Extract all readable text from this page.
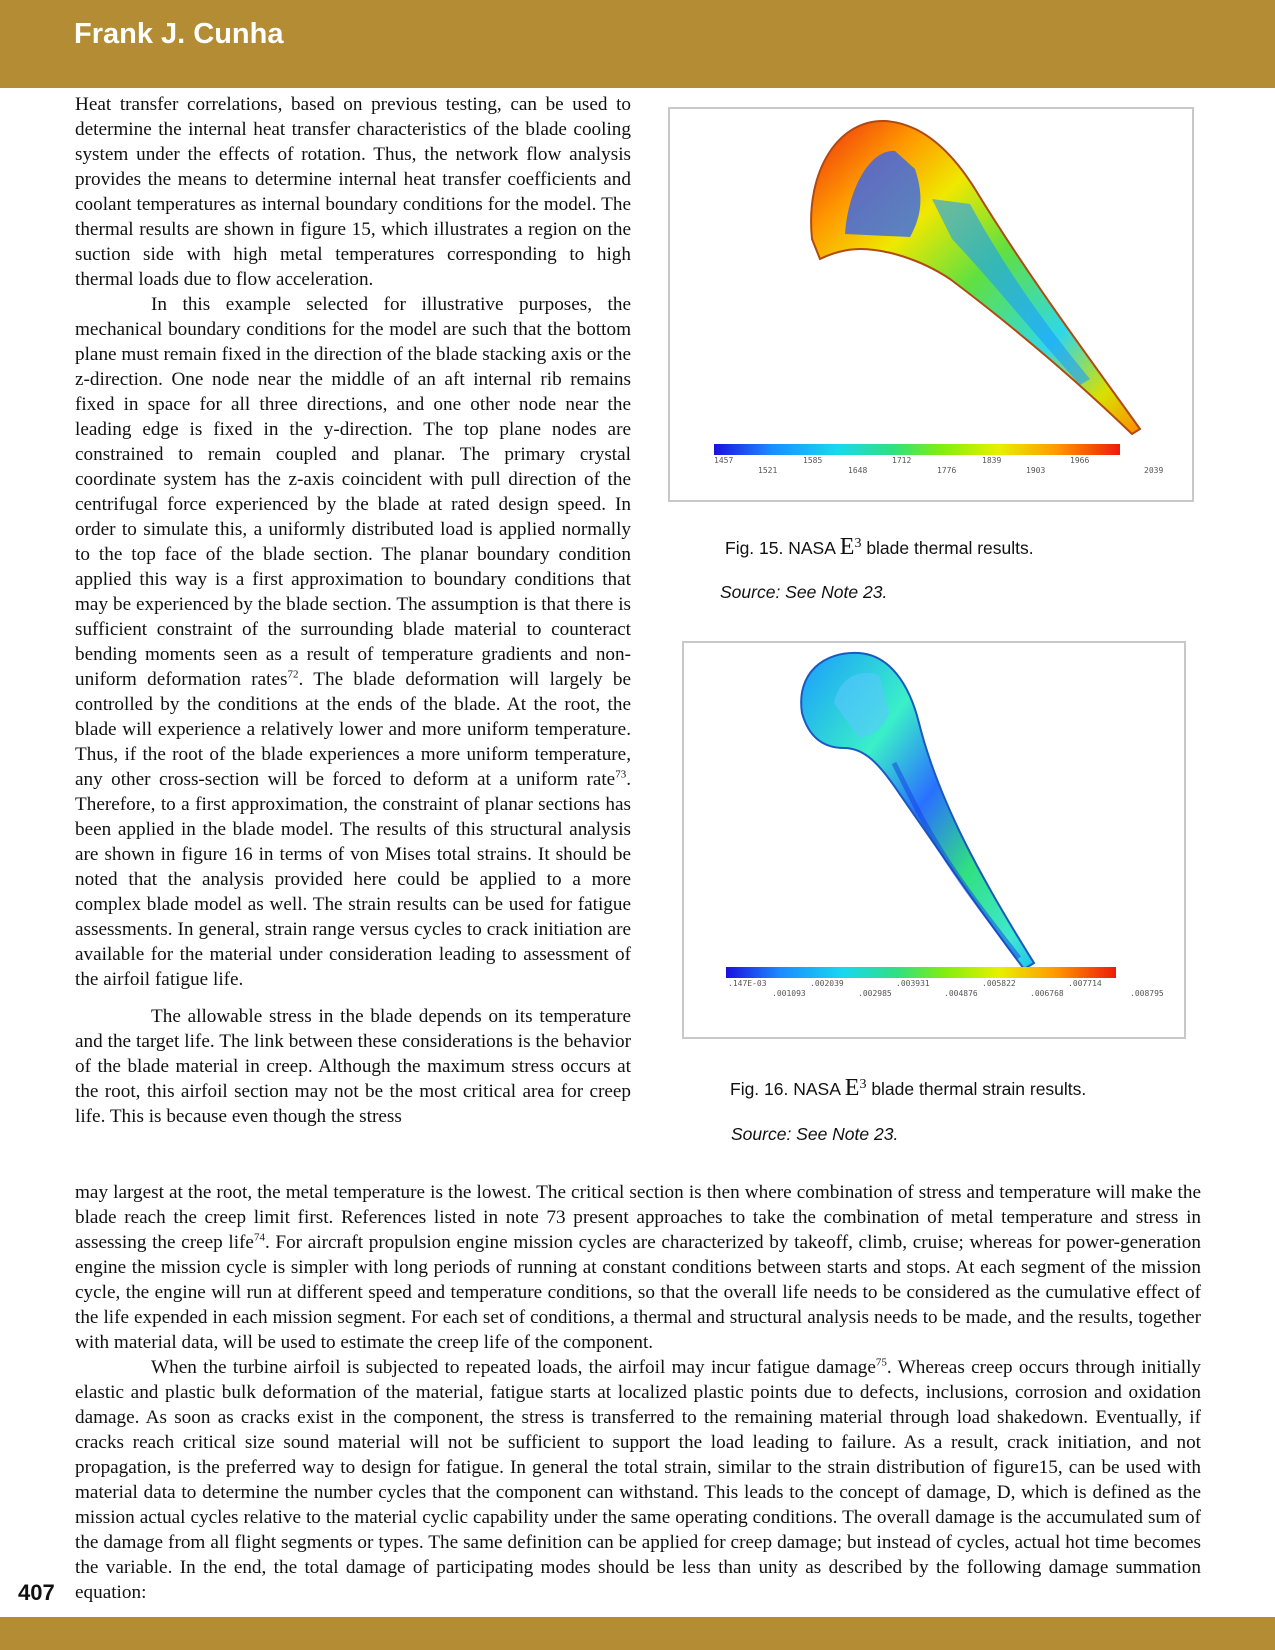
Frank J. Cunha

Heat transfer correlations, based on previous testing, can be used to determine the internal heat transfer characteristics of the blade cooling system under the effects of rotation. Thus, the network flow analysis provides the means to determine internal heat transfer coefficients and coolant temperatures as internal boundary conditions for the model. The thermal results are shown in figure 15, which illustrates a region on the suction side with high metal temperatures corresponding to high thermal loads due to flow acceleration.

In this example selected for illustrative purposes, the mechanical boundary conditions for the model are such that the bottom plane must remain fixed in the direction of the blade stacking axis or the z-direction. One node near the middle of an aft internal rib remains fixed in space for all three directions, and one other node near the leading edge is fixed in the y-direction. The top plane nodes are constrained to remain coupled and planar. The primary crystal coordinate system has the z-axis coincident with pull direction of the centrifugal force experienced by the blade at rated design speed. In order to simulate this, a uniformly distributed load is applied normally to the top face of the blade section. The planar boundary condition applied this way is a first approximation to boundary conditions that may be experienced by the blade section. The assumption is that there is sufficient constraint of the surrounding blade material to counteract bending moments seen as a result of temperature gradients and non-uniform deformation rates$^{72}$. The blade deformation will largely be controlled by the conditions at the ends of the blade. At the root, the blade will experience a relatively lower and more uniform temperature. Thus, if the root of the blade experiences a more uniform temperature, any other cross-section will be forced to deform at a uniform rate$^{73}$. Therefore, to a first approximation, the constraint of planar sections has been applied in the blade model. The results of this structural analysis are shown in figure 16 in terms of von Mises total strains. It should be noted that the analysis provided here could be applied to a more complex blade model as well. The strain results can be used for fatigue assessments. In general, strain range versus cycles to crack initiation are available for the material under consideration leading to assessment of the airfoil fatigue life.

The allowable stress in the blade depends on its temperature and the target life. The link between these considerations is the behavior of the blade material in creep. Although the maximum stress occurs at the root, this airfoil section may not be the most critical area for creep life. This is because even though the stress

may largest at the root, the metal temperature is the lowest. The critical section is then where combination of stress and temperature will make the blade reach the creep limit first. References listed in note 73 present approaches to take the combination of metal temperature and stress in assessing the creep life$^{74}$. For aircraft propulsion engine mission cycles are characterized by takeoff, climb, cruise; whereas for power-generation engine the mission cycle is simpler with long periods of running at constant conditions between starts and stops. At each segment of the mission cycle, the engine will run at different speed and temperature conditions, so that the overall life needs to be considered as the cumulative effect of the life expended in each mission segment. For each set of conditions, a thermal and structural analysis needs to be made, and the results, together with material data, will be used to estimate the creep life of the component.

When the turbine airfoil is subjected to repeated loads, the airfoil may incur fatigue damage$^{75}$. Whereas creep occurs through initially elastic and plastic bulk deformation of the material, fatigue starts at localized plastic points due to defects, inclusions, corrosion and oxidation damage. As soon as cracks exist in the component, the stress is transferred to the remaining material through load shakedown. Eventually, if cracks reach critical size sound material will not be sufficient to support the load leading to failure. As a result, crack initiation, and not propagation, is the preferred way to design for fatigue. In general the total strain, similar to the strain distribution of figure15, can be used with material data to determine the number cycles that the component can withstand. This leads to the concept of damage, D, which is defined as the mission actual cycles relative to the material cyclic capability under the same operating conditions. The overall damage is the accumulated sum of the damage from all flight segments or types. The same definition can be applied for creep damage; but instead of cycles, actual hot time becomes the variable. In the end, the total damage of participating modes should be less than unity as described by the following damage summation equation:

1457	1585	1712	1839	1966
1521	1648	1776	1903	2039
Fig. 15. NASA $E^3$ blade thermal results.
Source: See Note 23.
.147E-03	.002039	.003931	.005822	.007714
.001093	.002985	.004876	.006768	.008795
Fig. 16. NASA $E^3$ blade thermal strain results.
Source: See Note 23.
407
